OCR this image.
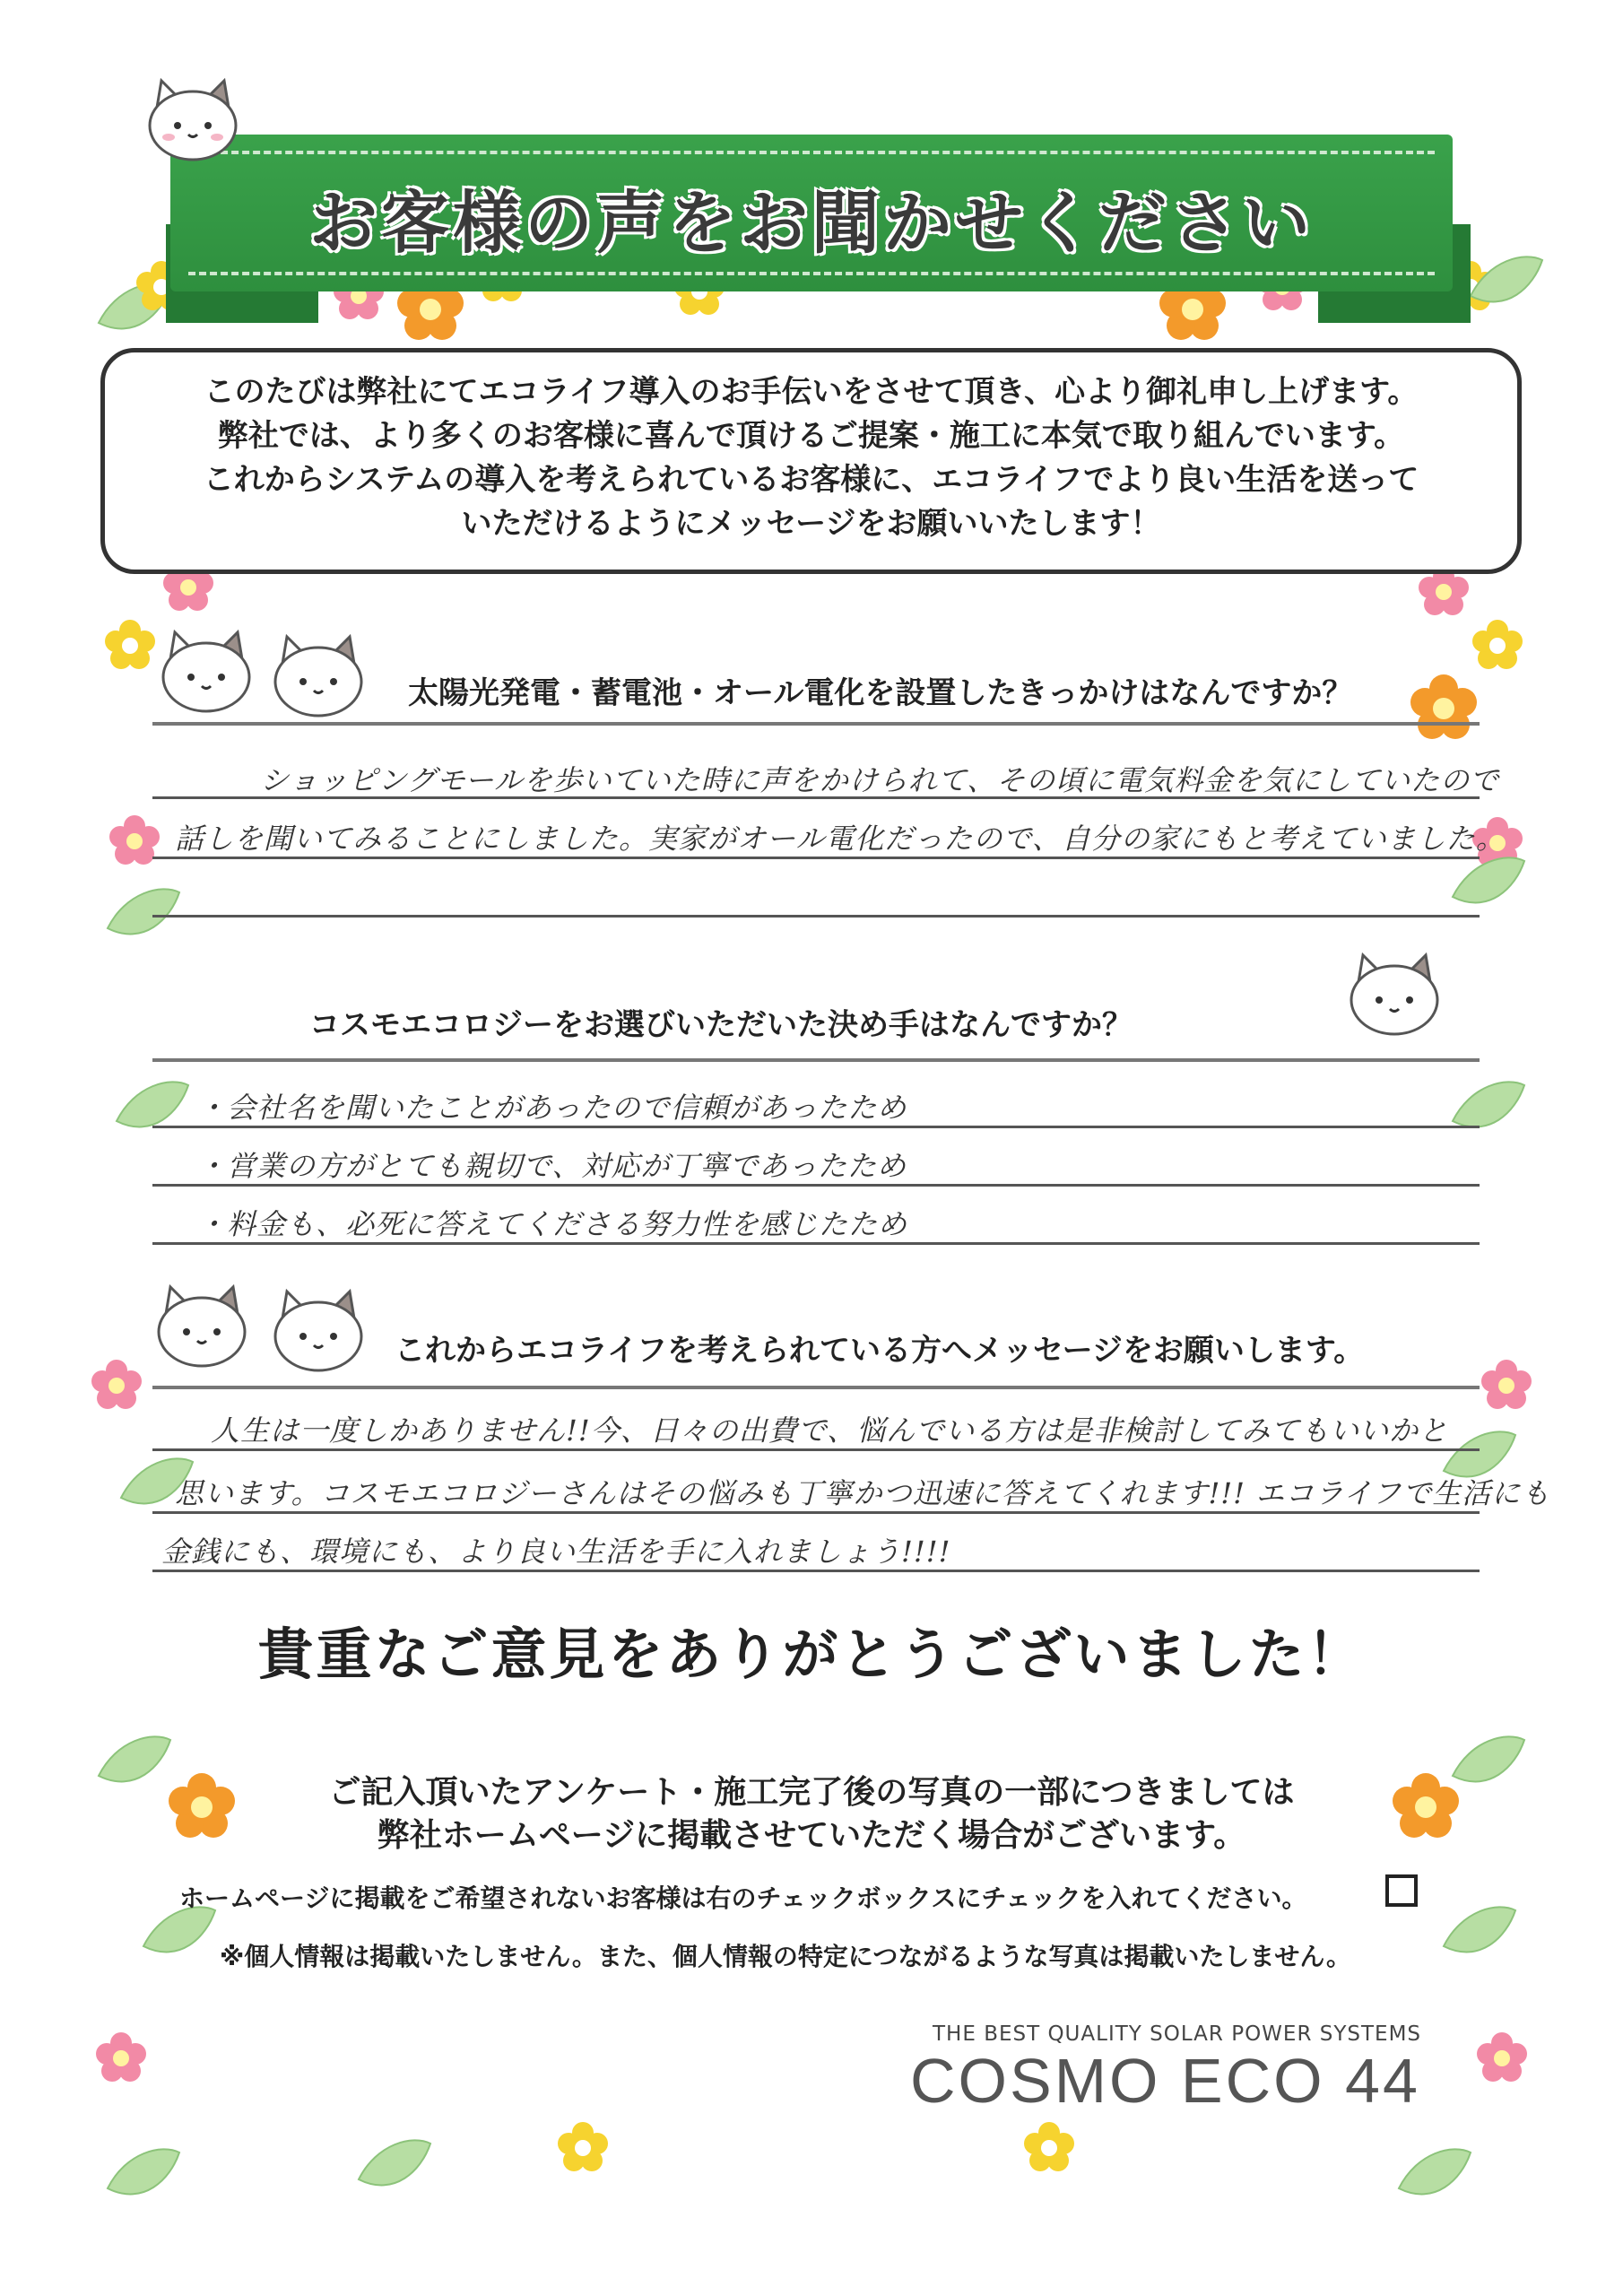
お客様の声をお聞かせください

このたびは弊社にてエコライフ導入のお手伝いをさせて頂き、心より御礼申し上げます。

弊社では、より多くのお客様に喜んで頂けるご提案・施工に本気で取り組んでいます。

これからシステムの導入を考えられているお客様に、エコライフでより良い生活を送って

いただけるようにメッセージをお願いいたします！

太陽光発電・蓄電池・オール電化を設置したきっかけはなんですか？
ショッピングモールを歩いていた時に声をかけられて、その頃に電気料金を気にしていたので
話しを聞いてみることにしました。実家がオール電化だったので、自分の家にもと考えていました。
コスモエコロジーをお選びいただいた決め手はなんですか？
・会社名を聞いたことがあったので信頼があったため
・営業の方がとても親切で、対応が丁寧であったため
・料金も、必死に答えてくださる努力性を感じたため
これからエコライフを考えられている方へメッセージをお願いします。
人生は一度しかありません!!今、日々の出費で、悩んでいる方は是非検討してみてもいいかと
思います。コスモエコロジーさんはその悩みも丁寧かつ迅速に答えてくれます!!! エコライフで生活にも
金銭にも、環境にも、より良い生活を手に入れましょう!!!!
貴重なご意見をありがとうございました！
ご記入頂いたアンケート・施工完了後の写真の一部につきましては
弊社ホームページに掲載させていただく場合がございます。
ホームページに掲載をご希望されないお客様は右のチェックボックスにチェックを入れてください。
※個人情報は掲載いたしません。また、個人情報の特定につながるような写真は掲載いたしません。
THE BEST QUALITY SOLAR POWER SYSTEMS
COSMO ECO 44
